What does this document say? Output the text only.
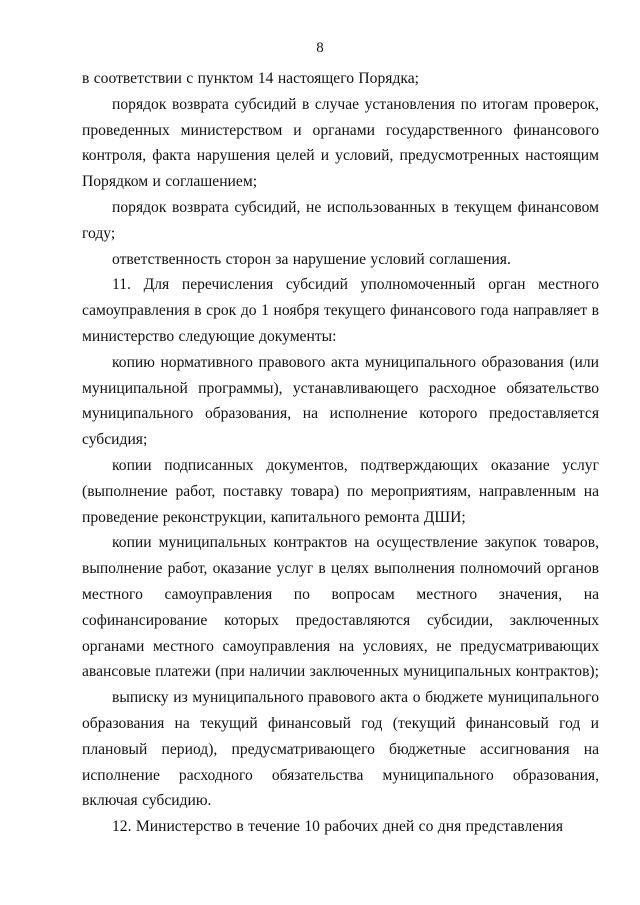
8

в соответствии с пунктом 14 настоящего Порядка;

порядок возврата субсидий в случае установления по итогам проверок, проведенных министерством и органами государственного финансового контроля, факта нарушения целей и условий, предусмотренных настоящим Порядком и соглашением;

порядок возврата субсидий, не использованных в текущем финансовом году;

ответственность сторон за нарушение условий соглашения.

11. Для перечисления субсидий уполномоченный орган местного самоуправления в срок до 1 ноября текущего финансового года направляет в министерство следующие документы:

копию нормативного правового акта муниципального образования (или муниципальной программы), устанавливающего расходное обязательство муниципального образования, на исполнение которого предоставляется субсидия;

копии подписанных документов, подтверждающих оказание услуг (выполнение работ, поставку товара) по мероприятиям, направленным на проведение реконструкции, капитального ремонта ДШИ;

копии муниципальных контрактов на осуществление закупок товаров, выполнение работ, оказание услуг в целях выполнения полномочий органов местного самоуправления по вопросам местного значения, на софинансирование которых предоставляются субсидии, заключенных органами местного самоуправления на условиях, не предусматривающих авансовые платежи (при наличии заключенных муниципальных контрактов);

выписку из муниципального правового акта о бюджете муниципального образования на текущий финансовый год (текущий финансовый год и плановый период), предусматривающего бюджетные ассигнования на исполнение расходного обязательства муниципального образования, включая субсидию.

12. Министерство в течение 10 рабочих дней со дня представления
